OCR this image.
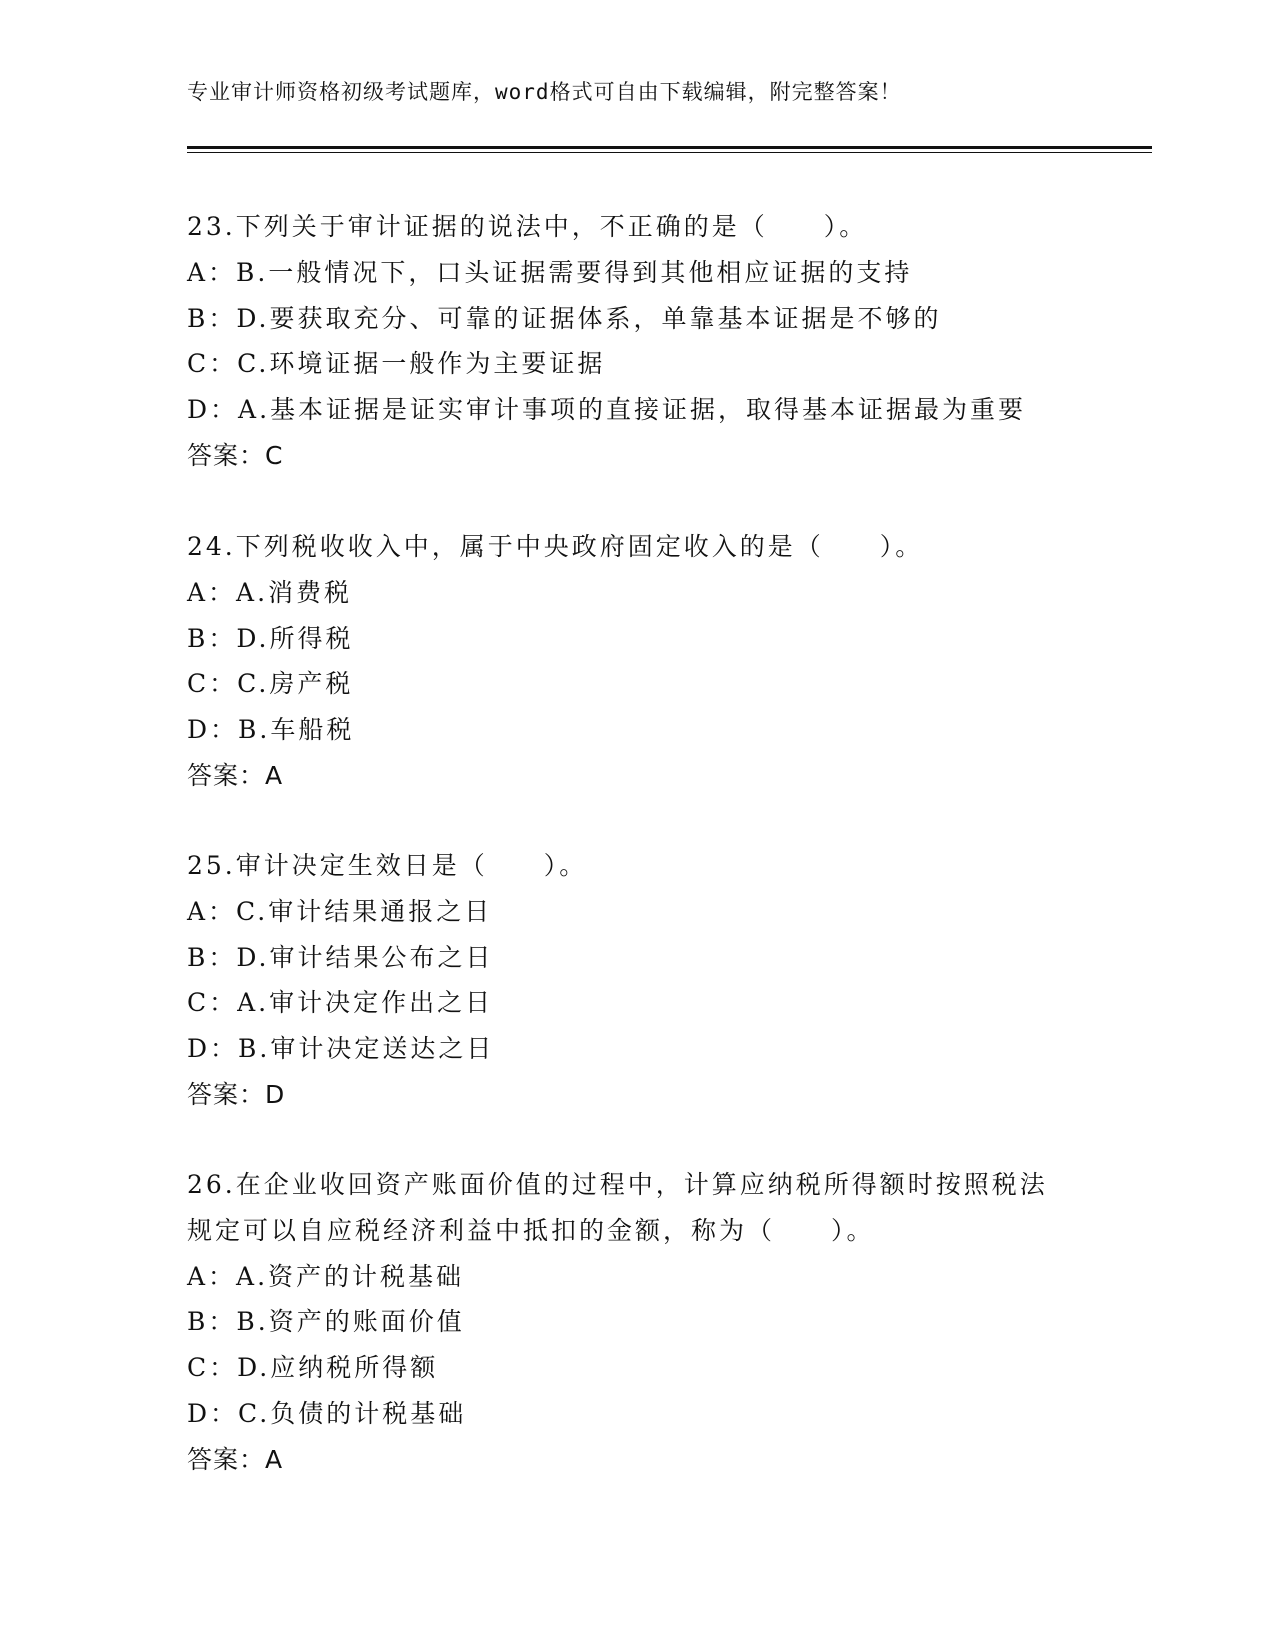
专业审计师资格初级考试题库，word格式可自由下载编辑，附完整答案！
23.下列关于审计证据的说法中，不正确的是（　　）。
A：B.一般情况下，口头证据需要得到其他相应证据的支持
B：D.要获取充分、可靠的证据体系，单靠基本证据是不够的
C：C.环境证据一般作为主要证据
D：A.基本证据是证实审计事项的直接证据，取得基本证据最为重要
答案：C
24.下列税收收入中，属于中央政府固定收入的是（　　）。
A：A.消费税
B：D.所得税
C：C.房产税
D：B.车船税
答案：A
25.审计决定生效日是（　　）。
A：C.审计结果通报之日
B：D.审计结果公布之日
C：A.审计决定作出之日
D：B.审计决定送达之日
答案：D
26.在企业收回资产账面价值的过程中，计算应纳税所得额时按照税法
规定可以自应税经济利益中抵扣的金额，称为（　　）。
A：A.资产的计税基础
B：B.资产的账面价值
C：D.应纳税所得额
D：C.负债的计税基础
答案：A
